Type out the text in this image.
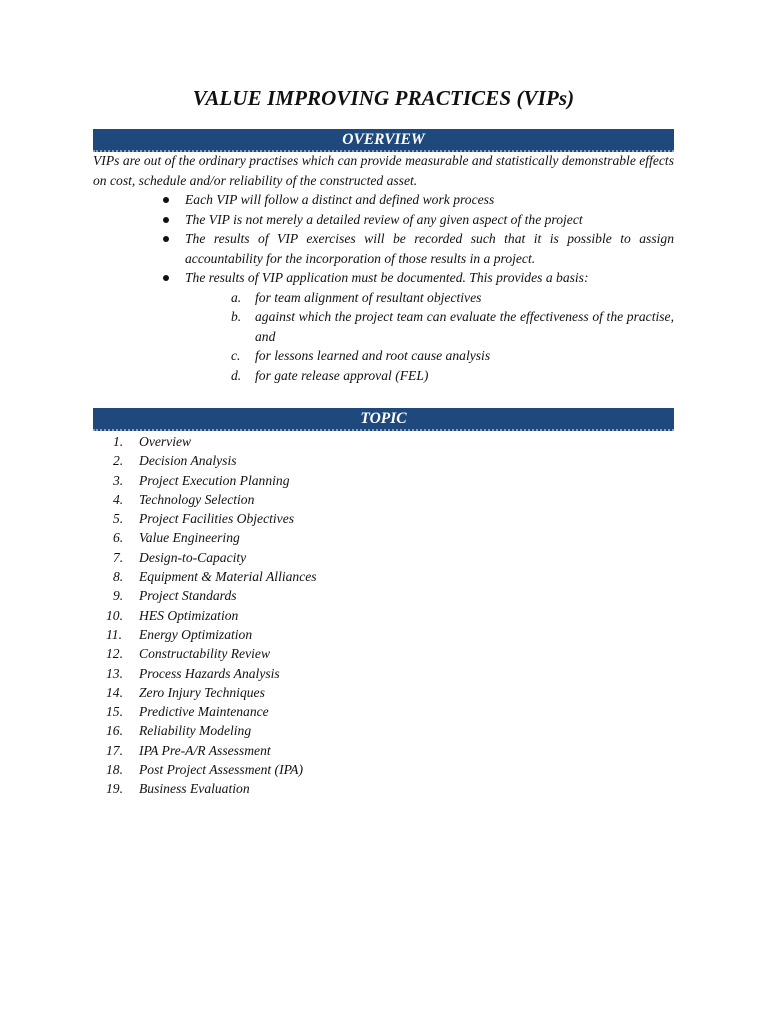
VALUE IMPROVING PRACTICES (VIPs)
OVERVIEW

VIPs are out of the ordinary practises which can provide measurable and statistically demonstrable effects on cost, schedule and/or reliability of the constructed asset.

Each VIP will follow a distinct and defined work process
The VIP is not merely a detailed review of any given aspect of the project
The results of VIP exercises will be recorded such that it is possible to assign accountability for the incorporation of those results in a project.
The results of VIP application must be documented. This provides a basis:
a. for team alignment of resultant objectives
b. against which the project team can evaluate the effectiveness of the practise, and
c. for lessons learned and root cause analysis
d. for gate release approval (FEL)
TOPIC
1. Overview
2. Decision Analysis
3. Project Execution Planning
4. Technology Selection
5. Project Facilities Objectives
6. Value Engineering
7. Design-to-Capacity
8. Equipment & Material Alliances
9. Project Standards
10. HES Optimization
11. Energy Optimization
12. Constructability Review
13. Process Hazards Analysis
14. Zero Injury Techniques
15. Predictive Maintenance
16. Reliability Modeling
17. IPA Pre-A/R Assessment
18. Post Project Assessment (IPA)
19. Business Evaluation
